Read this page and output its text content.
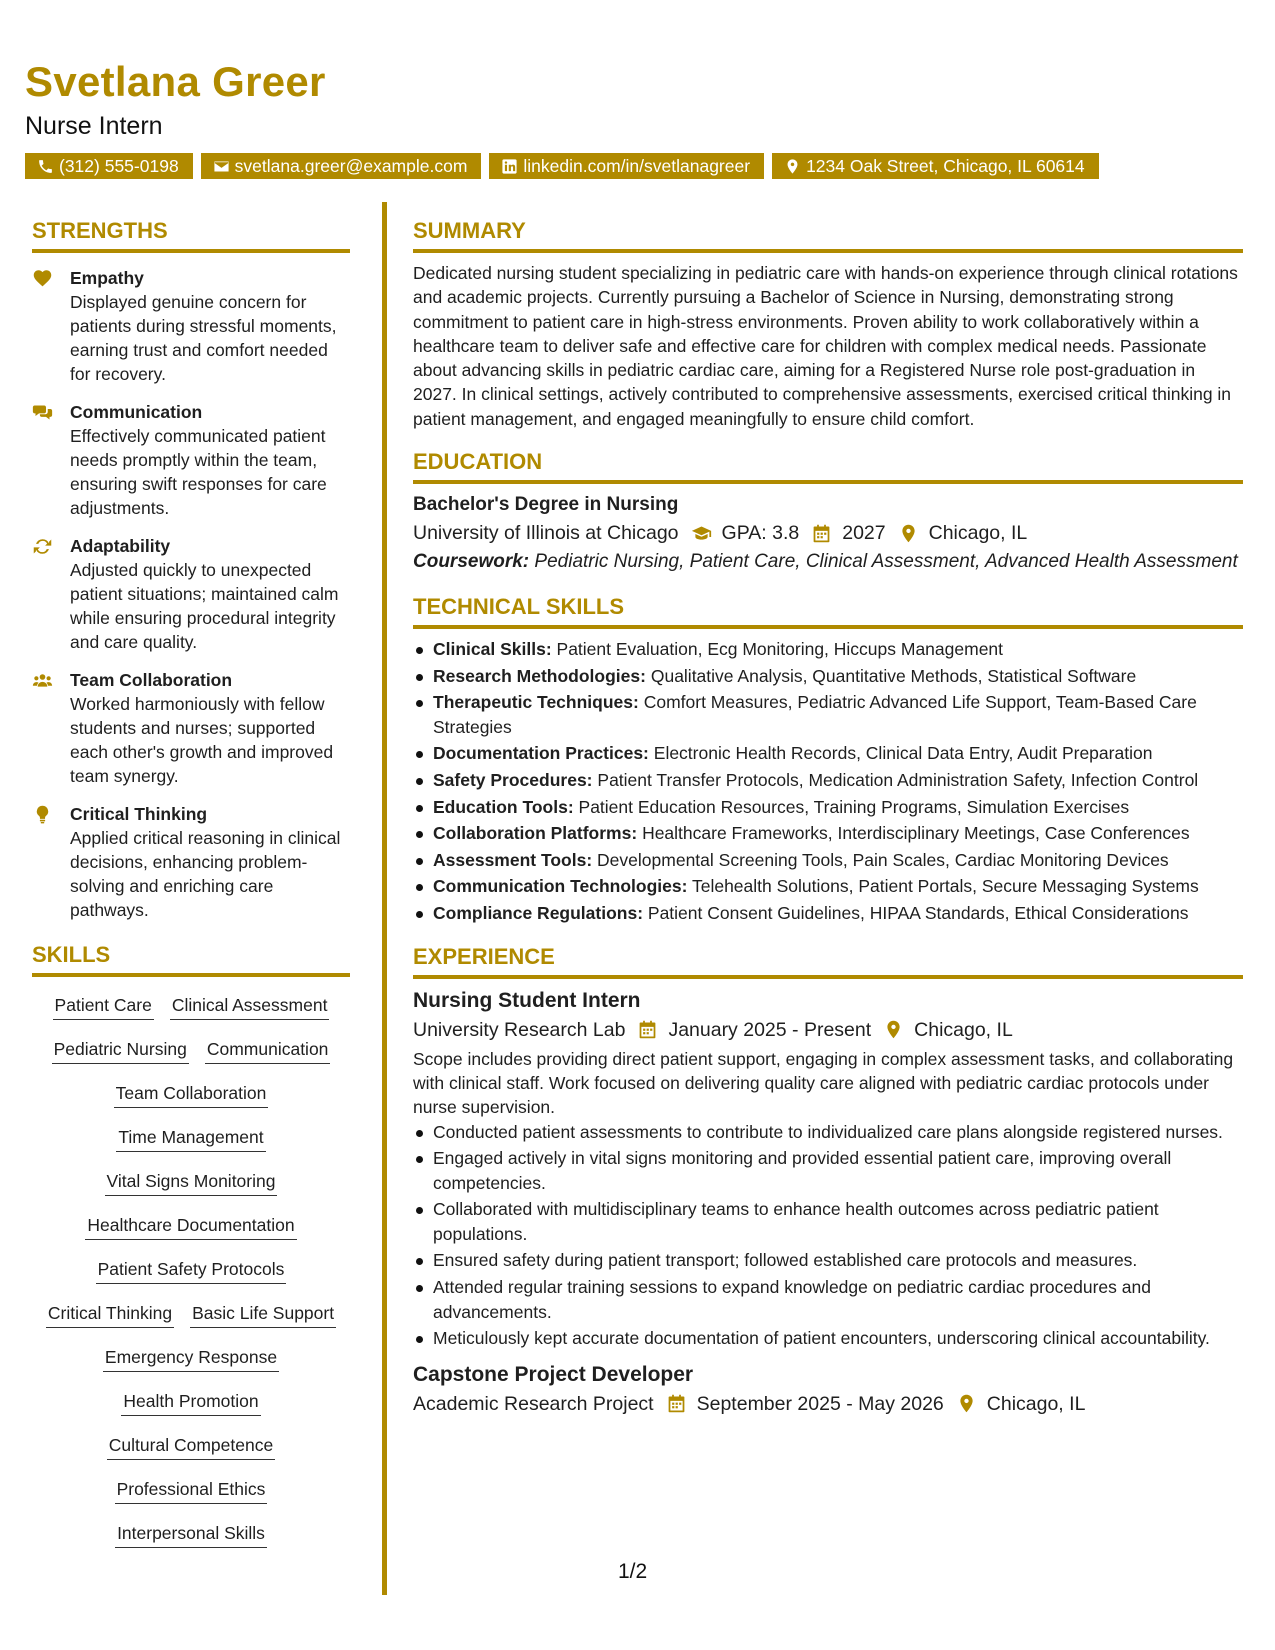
Svetlana Greer
Nurse Intern
(312) 555-0198	svetlana.greer@example.com	linkedin.com/in/svetlanagreer	1234 Oak Street, Chicago, IL 60614
STRENGTHS
Empathy
Displayed genuine concern for patients during stressful moments, earning trust and comfort needed for recovery.
Communication
Effectively communicated patient needs promptly within the team, ensuring swift responses for care adjustments.
Adaptability
Adjusted quickly to unexpected patient situations; maintained calm while ensuring procedural integrity and care quality.
Team Collaboration
Worked harmoniously with fellow students and nurses; supported each other's growth and improved team synergy.
Critical Thinking
Applied critical reasoning in clinical decisions, enhancing problem-solving and enriching care pathways.
SKILLS
Patient Care Clinical Assessment
Pediatric Nursing Communication
Team Collaboration
Time Management
Vital Signs Monitoring
Healthcare Documentation
Patient Safety Protocols
Critical Thinking Basic Life Support
Emergency Response
Health Promotion
Cultural Competence
Professional Ethics
Interpersonal Skills
SUMMARY
Dedicated nursing student specializing in pediatric care with hands-on experience through clinical rotations and academic projects. Currently pursuing a Bachelor of Science in Nursing, demonstrating strong commitment to patient care in high-stress environments. Proven ability to work collaboratively within a healthcare team to deliver safe and effective care for children with complex medical needs. Passionate about advancing skills in pediatric cardiac care, aiming for a Registered Nurse role post-graduation in 2027. In clinical settings, actively contributed to comprehensive assessments, exercised critical thinking in patient management, and engaged meaningfully to ensure child comfort.
EDUCATION
Bachelor's Degree in Nursing
University of Illinois at Chicago GPA: 3.8 2027 Chicago, IL
Coursework: Pediatric Nursing, Patient Care, Clinical Assessment, Advanced Health Assessment
TECHNICAL SKILLS
Clinical Skills: Patient Evaluation, Ecg Monitoring, Hiccups Management
Research Methodologies: Qualitative Analysis, Quantitative Methods, Statistical Software
Therapeutic Techniques: Comfort Measures, Pediatric Advanced Life Support, Team-Based Care Strategies
Documentation Practices: Electronic Health Records, Clinical Data Entry, Audit Preparation
Safety Procedures: Patient Transfer Protocols, Medication Administration Safety, Infection Control
Education Tools: Patient Education Resources, Training Programs, Simulation Exercises
Collaboration Platforms: Healthcare Frameworks, Interdisciplinary Meetings, Case Conferences
Assessment Tools: Developmental Screening Tools, Pain Scales, Cardiac Monitoring Devices
Communication Technologies: Telehealth Solutions, Patient Portals, Secure Messaging Systems
Compliance Regulations: Patient Consent Guidelines, HIPAA Standards, Ethical Considerations
EXPERIENCE
Nursing Student Intern
University Research Lab January 2025 - Present Chicago, IL
Scope includes providing direct patient support, engaging in complex assessment tasks, and collaborating with clinical staff. Work focused on delivering quality care aligned with pediatric cardiac protocols under nurse supervision.
Conducted patient assessments to contribute to individualized care plans alongside registered nurses.
Engaged actively in vital signs monitoring and provided essential patient care, improving overall competencies.
Collaborated with multidisciplinary teams to enhance health outcomes across pediatric patient populations.
Ensured safety during patient transport; followed established care protocols and measures.
Attended regular training sessions to expand knowledge on pediatric cardiac procedures and advancements.
Meticulously kept accurate documentation of patient encounters, underscoring clinical accountability.
Capstone Project Developer
Academic Research Project September 2025 - May 2026 Chicago, IL
1/2
